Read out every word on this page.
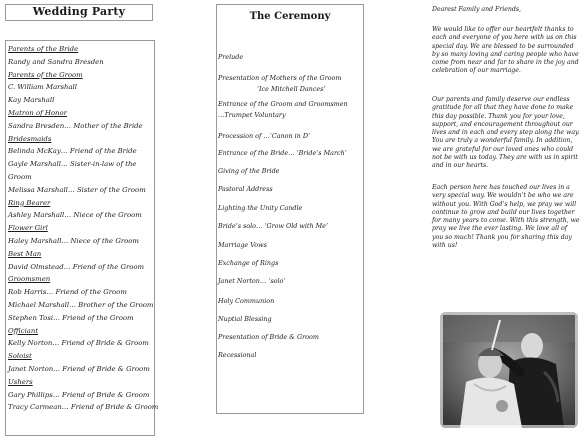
Wedding Party
Parents of the Bride
Randy and Sandra Bresden
Parents of the Groom
C. William Marshall
Kay Marshall
Matron of Honor
Sandra Bresden… Mother of the Bride
Bridesmaids
Belinda McKay… Friend of the Bride
Gayle Marshall… Sister-in-law of the
Groom
Melissa Marshall… Sister of the Groom
Ring Bearer
Ashley Marshall… Niece of the Groom
Flower Girl
Haley Marshall… Niece of the Groom
Best Man
David Olmstead… Friend of the Groom
Groomsmen
Rob Harris… Friend of the Groom
Michael Marshall… Brother of the Groom
Stephen Tosi… Friend of the Groom
Officiant
Kelly Norton… Friend of Bride & Groom
Soloist
Janet Norton… Friend of Bride & Groom
Ushers
Gary Phillips… Friend of Bride & Groom
Tracy Carmean… Friend of Bride & Groom
The Ceremony
Prelude
Presentation of Mothers of the Groom
‘Ice Mitchell Dances’
Entrance of the Groom and Groomsmen
…Trumpet Voluntary
Procession of …‘Canon in D’
Entrance of the Bride… ‘Bride’s March’
Giving of the Bride
Pastoral Address
Lighting the Unity Candle
Bride’s solo… ‘Grow Old with Me’
Marriage Vows
Exchange of Rings
Janet Norton… ‘solo’
Holy Communion
Nuptial Blessing
Presentation of Bride & Groom
Recessional
Dearest Family and Friends,
We would like to offer our heartfelt thanks to each and everyone of you here with us on this special day. We are blessed to be surrounded by so many loving and caring people who have come from near and far to share in the joy and celebration of our marriage.
Our parents and family deserve our endless gratitude for all that they have done to make this day possible. Thank you for your love, support, and encouragement throughout our lives and in each and every step along the way. You are truly a wonderful family. In addition, we are grateful for our loved ones who could not be with us today. They are with us in spirit and in our hearts.
Each person here has touched our lives in a very special way. We wouldn’t be who we are without you. With God’s help, we pray we will continue to grow and build our lives together for many years to come. With this strength, we pray we live the ever lasting. We love all of you so much! Thank you for sharing this day with us!
